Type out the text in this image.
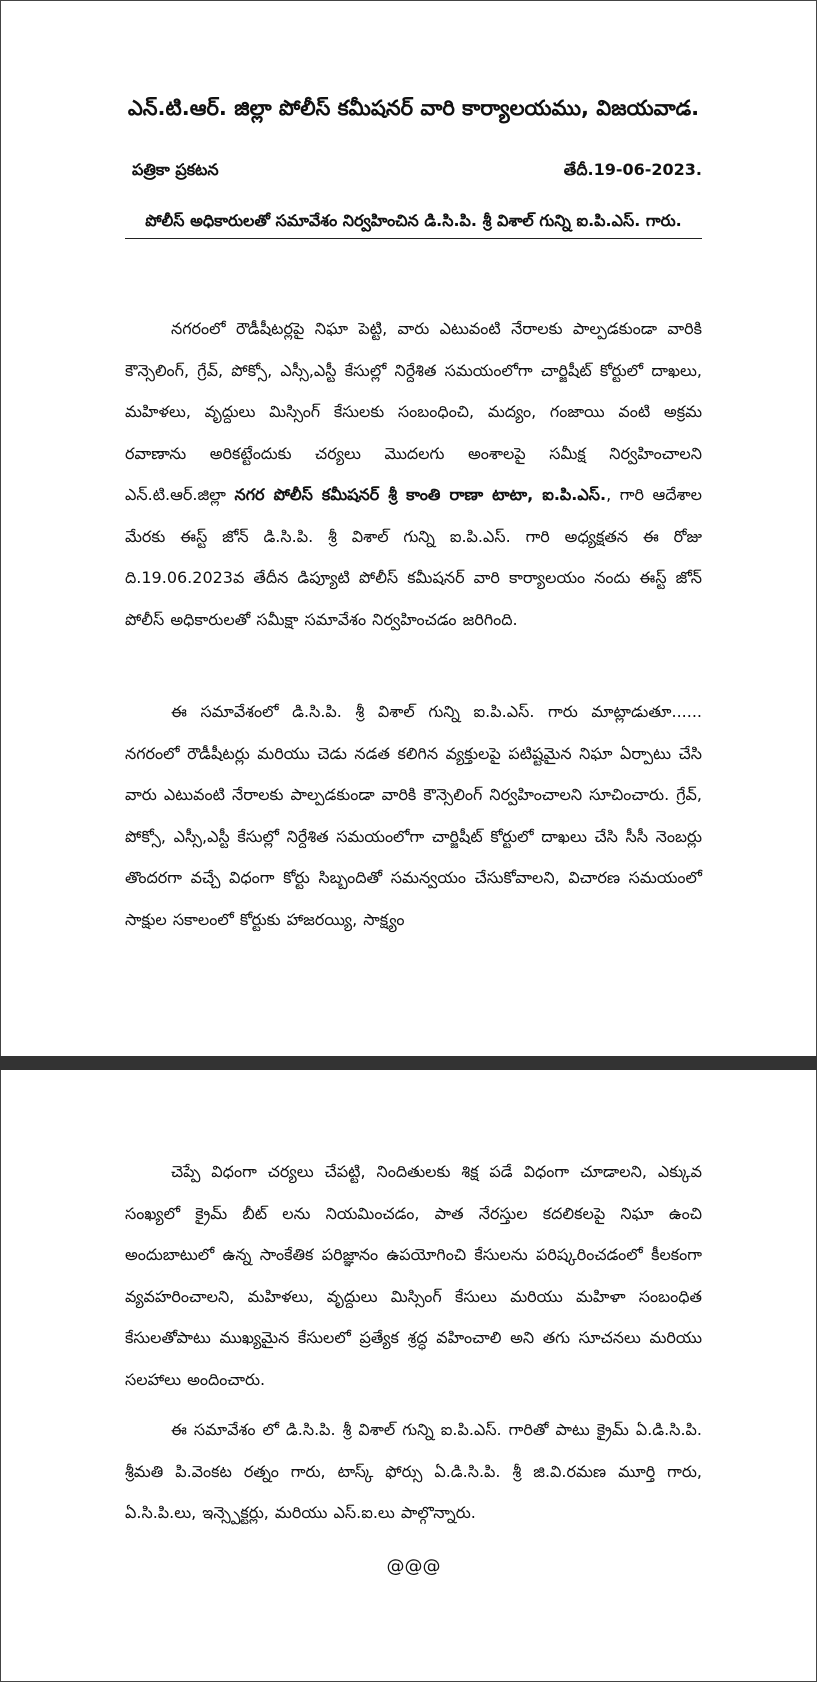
ఎన్.టి.ఆర్. జిల్లా పోలీస్ కమీషనర్ వారి కార్యాలయము, విజయవాడ.
పత్రికా ప్రకటన	తేదీ.19-06-2023.
పోలీస్ అధికారులతో సమావేశం నిర్వహించిన డి.సి.పి. శ్రీ విశాల్ గున్ని ఐ.పి.ఎస్. గారు.

నగరంలో రౌడీషీటర్లపై నిఘా పెట్టి, వారు ఎటువంటి నేరాలకు పాల్పడకుండా వారికి కౌన్సెలింగ్, గ్రేవ్, పోక్సో, ఎస్సీ,ఎస్టీ కేసుల్లో నిర్దేశిత సమయంలోగా చార్జిషీట్ కోర్టులో దాఖలు, మహిళలు, వృద్దులు మిస్సింగ్ కేసులకు సంబంధించి, మద్యం, గంజాయి వంటి అక్రమ రవాణాను అరికట్టేందుకు చర్యలు మొదలగు అంశాలపై సమీక్ష నిర్వహించాలని ఎన్.టి.ఆర్.జిల్లా నగర పోలీస్ కమీషనర్ శ్రీ కాంతి రాణా టాటా, ఐ.పి.ఎస్., గారి ఆదేశాల మేరకు ఈస్ట్ జోన్ డి.సి.పి. శ్రీ విశాల్ గున్ని ఐ.పి.ఎస్. గారి అధ్యక్షతన ఈ రోజు ది.19.06.2023వ తేదీన డిప్యూటి పోలీస్ కమీషనర్ వారి కార్యాలయం నందు ఈస్ట్ జోన్ పోలీస్ అధికారులతో సమీక్షా సమావేశం నిర్వహించడం జరిగింది.

ఈ సమావేశంలో డి.సి.పి. శ్రీ విశాల్ గున్ని ఐ.పి.ఎస్. గారు మాట్లాడుతూ...... నగరంలో రౌడీషీటర్లు మరియు చెడు నడత కలిగిన వ్యక్తులపై పటిష్టమైన నిఘా ఏర్పాటు చేసి వారు ఎటువంటి నేరాలకు పాల్పడకుండా వారికి కౌన్సెలింగ్ నిర్వహించాలని సూచించారు. గ్రేవ్, పోక్సో, ఎస్సీ,ఎస్టీ కేసుల్లో నిర్దేశిత సమయంలోగా చార్జిషీట్ కోర్టులో దాఖలు చేసి సీసీ నెంబర్లు తొందరగా వచ్చే విధంగా కోర్టు సిబ్బందితో సమన్వయం చేసుకోవాలని, విచారణ సమయంలో సాక్షుల సకాలంలో కోర్టుకు హాజరయ్యి, సాక్ష్యం

చెప్పే విధంగా చర్యలు చేపట్టి, నిందితులకు శిక్ష పడే విధంగా చూడాలని, ఎక్కువ సంఖ్యలో క్రైమ్ బీట్ లను నియమించడం, పాత నేరస్తుల కదలికలపై నిఘా ఉంచి అందుబాటులో ఉన్న సాంకేతిక పరిజ్ఞానం ఉపయోగించి కేసులను పరిష్కరించడంలో కీలకంగా వ్యవహరించాలని, మహిళలు, వృద్దులు మిస్సింగ్ కేసులు మరియు మహిళా సంబంధిత కేసులతోపాటు ముఖ్యమైన కేసులలో ప్రత్యేక శ్రద్ధ వహించాలి అని తగు సూచనలు మరియు సలహాలు అందించారు.

ఈ సమావేశం లో డి.సి.పి. శ్రీ విశాల్ గున్ని ఐ.పి.ఎస్. గారితో పాటు క్రైమ్ ఏ.డి.సి.పి. శ్రీమతి పి.వెంకట రత్నం గారు, టాస్క్ ఫోర్సు ఏ.డి.సి.పి. శ్రీ జి.వి.రమణ మూర్తి గారు, ఏ.సి.పి.లు, ఇన్స్పెక్టర్లు, మరియు ఎస్.ఐ.లు పాల్గొన్నారు.

@@@
